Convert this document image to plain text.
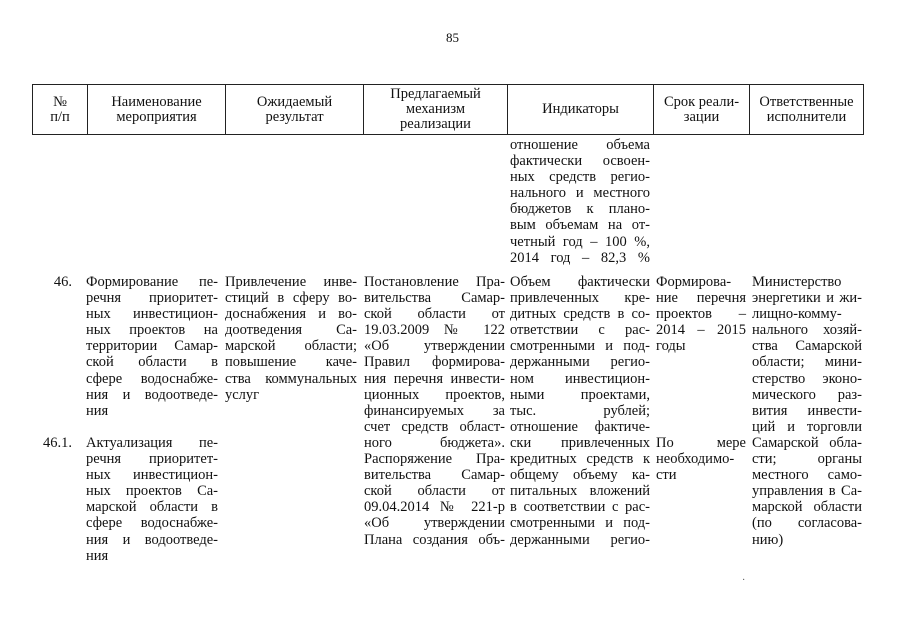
85
№
п/п
Наименование
мероприятия
Ожидаемый
результат
Предлагаемый
механизм
реализации
Индикаторы	Срок реали-
зации
Ответственные
исполнители
отношение объема
фактически освоен-
ных средств регио-
нального и местного
бюджетов к плано-
вым объемам на от-
четный год – 100 %,
2014 год – 82,3 %
46. Формирование пе-
речня приоритет-
ных инвестицион-
ных проектов на
территории Самар-
ской области в
сфере водоснабже-
ния и водоотведе-
ния
Привлечение инве-
стиций в сферу во-
доснабжения и во-
доотведения Са-
марской области;
повышение каче-
ства коммунальных
услуг
Постановление Пра-
вительства Самар-
ской области от
19.03.2009 № 122
«Об утверждении
Правил формирова-
ния перечня инвести-
ционных проектов,
финансируемых за
счет средств област-
ного бюджета».
Распоряжение Пра-
вительства Самар-
ской области от
09.04.2014 № 221-р
«Об утверждении
Плана создания объ-
Объем фактически
привлеченных кре-
дитных средств в со-
ответствии с рас-
смотренными и под-
держанными регио-
ном инвестицион-
ными проектами,
тыс. рублей;
отношение фактиче-
ски привлеченных
кредитных средств к
общему объему ка-
питальных вложений
в соответствии с рас-
смотренными и под-
держанными регио-
Формирова-
ние перечня
проектов –
2014 – 2015
годы
Министерство
энергетики и жи-
лищно-комму-
нального хозяй-
ства Самарской
области; мини-
стерство эконо-
мического раз-
вития инвести-
ций и торговли
Самарской обла-
сти; органы
местного само-
управления в Са-
марской области
(по согласова-
нию)
46.1. Актуализация пе-
речня приоритет-
ных инвестицион-
ных проектов Са-
марской области в
сфере водоснабже-
ния и водоотведе-
ния
По мере
необходимо-
сти
·
